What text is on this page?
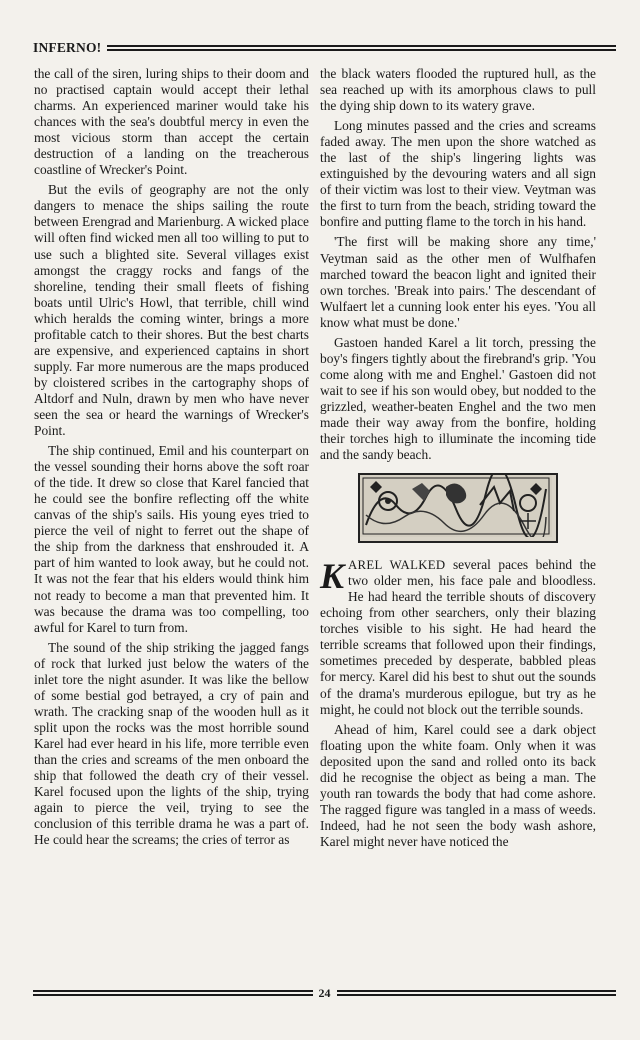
INFERNO!

the call of the siren, luring ships to their doom and no practised captain would accept their lethal charms. An experienced mariner would take his chances with the sea's doubtful mercy in even the most vicious storm than accept the certain destruction of a landing on the treacherous coastline of Wrecker's Point.

But the evils of geography are not the only dangers to menace the ships sailing the route between Erengrad and Marienburg. A wicked place will often find wicked men all too willing to put to use such a blighted site. Several villages exist amongst the craggy rocks and fangs of the shoreline, tending their small fleets of fishing boats until Ulric's Howl, that terrible, chill wind which heralds the coming winter, brings a more profitable catch to their shores. But the best charts are expensive, and experienced captains in short supply. Far more numerous are the maps produced by cloistered scribes in the cartography shops of Altdorf and Nuln, drawn by men who have never seen the sea or heard the warnings of Wrecker's Point.

The ship continued, Emil and his counterpart on the vessel sounding their horns above the soft roar of the tide. It drew so close that Karel fancied that he could see the bonfire reflecting off the white canvas of the ship's sails. His young eyes tried to pierce the veil of night to ferret out the shape of the ship from the darkness that enshrouded it. A part of him wanted to look away, but he could not. It was not the fear that his elders would think him not ready to become a man that prevented him. It was because the drama was too compelling, too awful for Karel to turn from.

The sound of the ship striking the jagged fangs of rock that lurked just below the waters of the inlet tore the night asunder. It was like the bellow of some bestial god betrayed, a cry of pain and wrath. The cracking snap of the wooden hull as it split upon the rocks was the most horrible sound Karel had ever heard in his life, more terrible even than the cries and screams of the men onboard the ship that followed the death cry of their vessel. Karel focused upon the lights of the ship, trying again to pierce the veil, trying to see the conclusion of this terrible drama he was a part of. He could hear the screams; the cries of terror as

the black waters flooded the ruptured hull, as the sea reached up with its amorphous claws to pull the dying ship down to its watery grave.

Long minutes passed and the cries and screams faded away. The men upon the shore watched as the last of the ship's lingering lights was extinguished by the devouring waters and all sign of their victim was lost to their view. Veytman was the first to turn from the beach, striding toward the bonfire and putting flame to the torch in his hand.

'The first will be making shore any time,' Veytman said as the other men of Wulfhafen marched toward the beacon light and ignited their own torches. 'Break into pairs.' The descendant of Wulfaert let a cunning look enter his eyes. 'You all know what must be done.'

Gastoen handed Karel a lit torch, pressing the boy's fingers tightly about the firebrand's grip. 'You come along with me and Enghel.' Gastoen did not wait to see if his son would obey, but nodded to the grizzled, weather-beaten Enghel and the two men made their way away from the bonfire, holding their torches high to illuminate the incoming tide and the sandy beach.

KAREL WALKED several paces behind the two older men, his face pale and bloodless. He had heard the terrible shouts of discovery echoing from other searchers, only their blazing torches visible to his sight. He had heard the terrible screams that followed upon their findings, sometimes preceded by desperate, babbled pleas for mercy. Karel did his best to shut out the sounds of the drama's murderous epilogue, but try as he might, he could not block out the terrible sounds.

Ahead of him, Karel could see a dark object floating upon the white foam. Only when it was deposited upon the sand and rolled onto its back did he recognise the object as being a man. The youth ran towards the body that had come ashore. The ragged figure was tangled in a mass of weeds. Indeed, had he not seen the body wash ashore, Karel might never have noticed the

24
